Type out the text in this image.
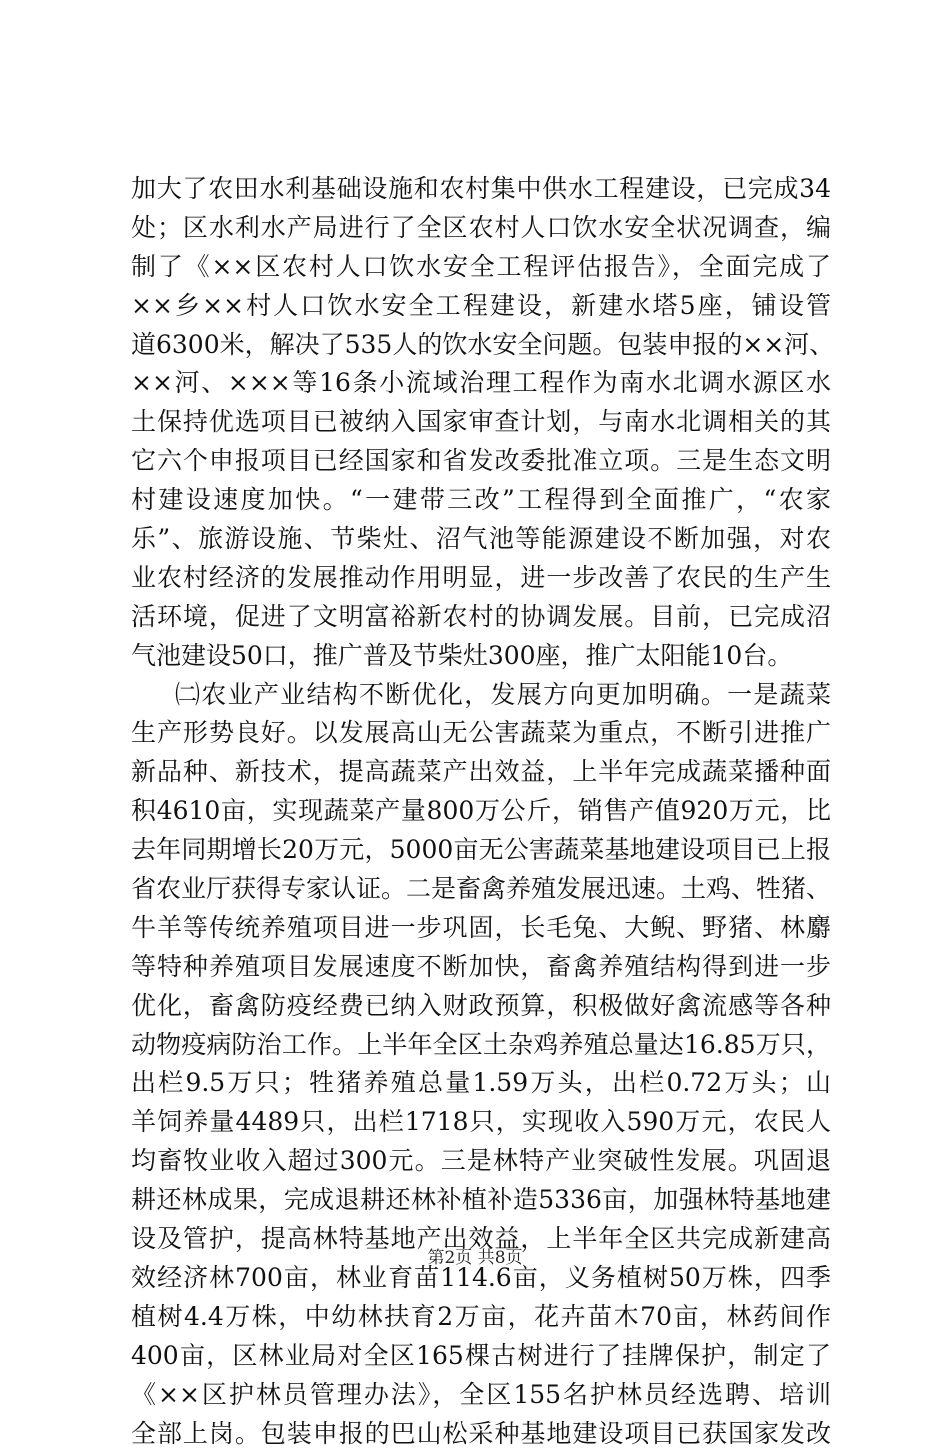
加大了农田水利基础设施和农村集中供水工程建设，已完成34
处；区水利水产局进行了全区农村人口饮水安全状况调查，编
制了《××区农村人口饮水安全工程评估报告》，全面完成了
××乡××村人口饮水安全工程建设，新建水塔5座，铺设管
道6300米，解决了535人的饮水安全问题。包装申报的××河、
××河、×××等16条小流域治理工程作为南水北调水源区水
土保持优选项目已被纳入国家审查计划，与南水北调相关的其
它六个申报项目已经国家和省发改委批准立项。三是生态文明
村建设速度加快。“一建带三改”工程得到全面推广，“农家
乐”、旅游设施、节柴灶、沼气池等能源建设不断加强，对农
业农村经济的发展推动作用明显，进一步改善了农民的生产生
活环境，促进了文明富裕新农村的协调发展。目前，已完成沼
气池建设50口，推广普及节柴灶300座，推广太阳能10台。
㈡农业产业结构不断优化，发展方向更加明确。一是蔬菜
生产形势良好。以发展高山无公害蔬菜为重点，不断引进推广
新品种、新技术，提高蔬菜产出效益，上半年完成蔬菜播种面
积4610亩，实现蔬菜产量800万公斤，销售产值920万元，比
去年同期增长20万元，5000亩无公害蔬菜基地建设项目已上报
省农业厅获得专家认证。二是畜禽养殖发展迅速。土鸡、牲猪、
牛羊等传统养殖项目进一步巩固，长毛兔、大鲵、野猪、林麝
等特种养殖项目发展速度不断加快，畜禽养殖结构得到进一步
优化，畜禽防疫经费已纳入财政预算，积极做好禽流感等各种
动物疫病防治工作。上半年全区土杂鸡养殖总量达16.85万只，
出栏9.5万只；牲猪养殖总量1.59万头，出栏0.72万头；山
羊饲养量4489只，出栏1718只，实现收入590万元，农民人
均畜牧业收入超过300元。三是林特产业突破性发展。巩固退
耕还林成果，完成退耕还林补植补造5336亩，加强林特基地建
设及管护，提高林特基地产出效益，上半年全区共完成新建高
效经济林700亩，林业育苗114.6亩，义务植树50万株，四季
植树4.4万株，中幼林扶育2万亩，花卉苗木70亩，林药间作
400亩，区林业局对全区165棵古树进行了挂牌保护，制定了
《××区护林员管理办法》，全区155名护林员经选聘、培训
全部上岗。包装申报的巴山松采种基地建设项目已获国家发改
第2页 共8页
